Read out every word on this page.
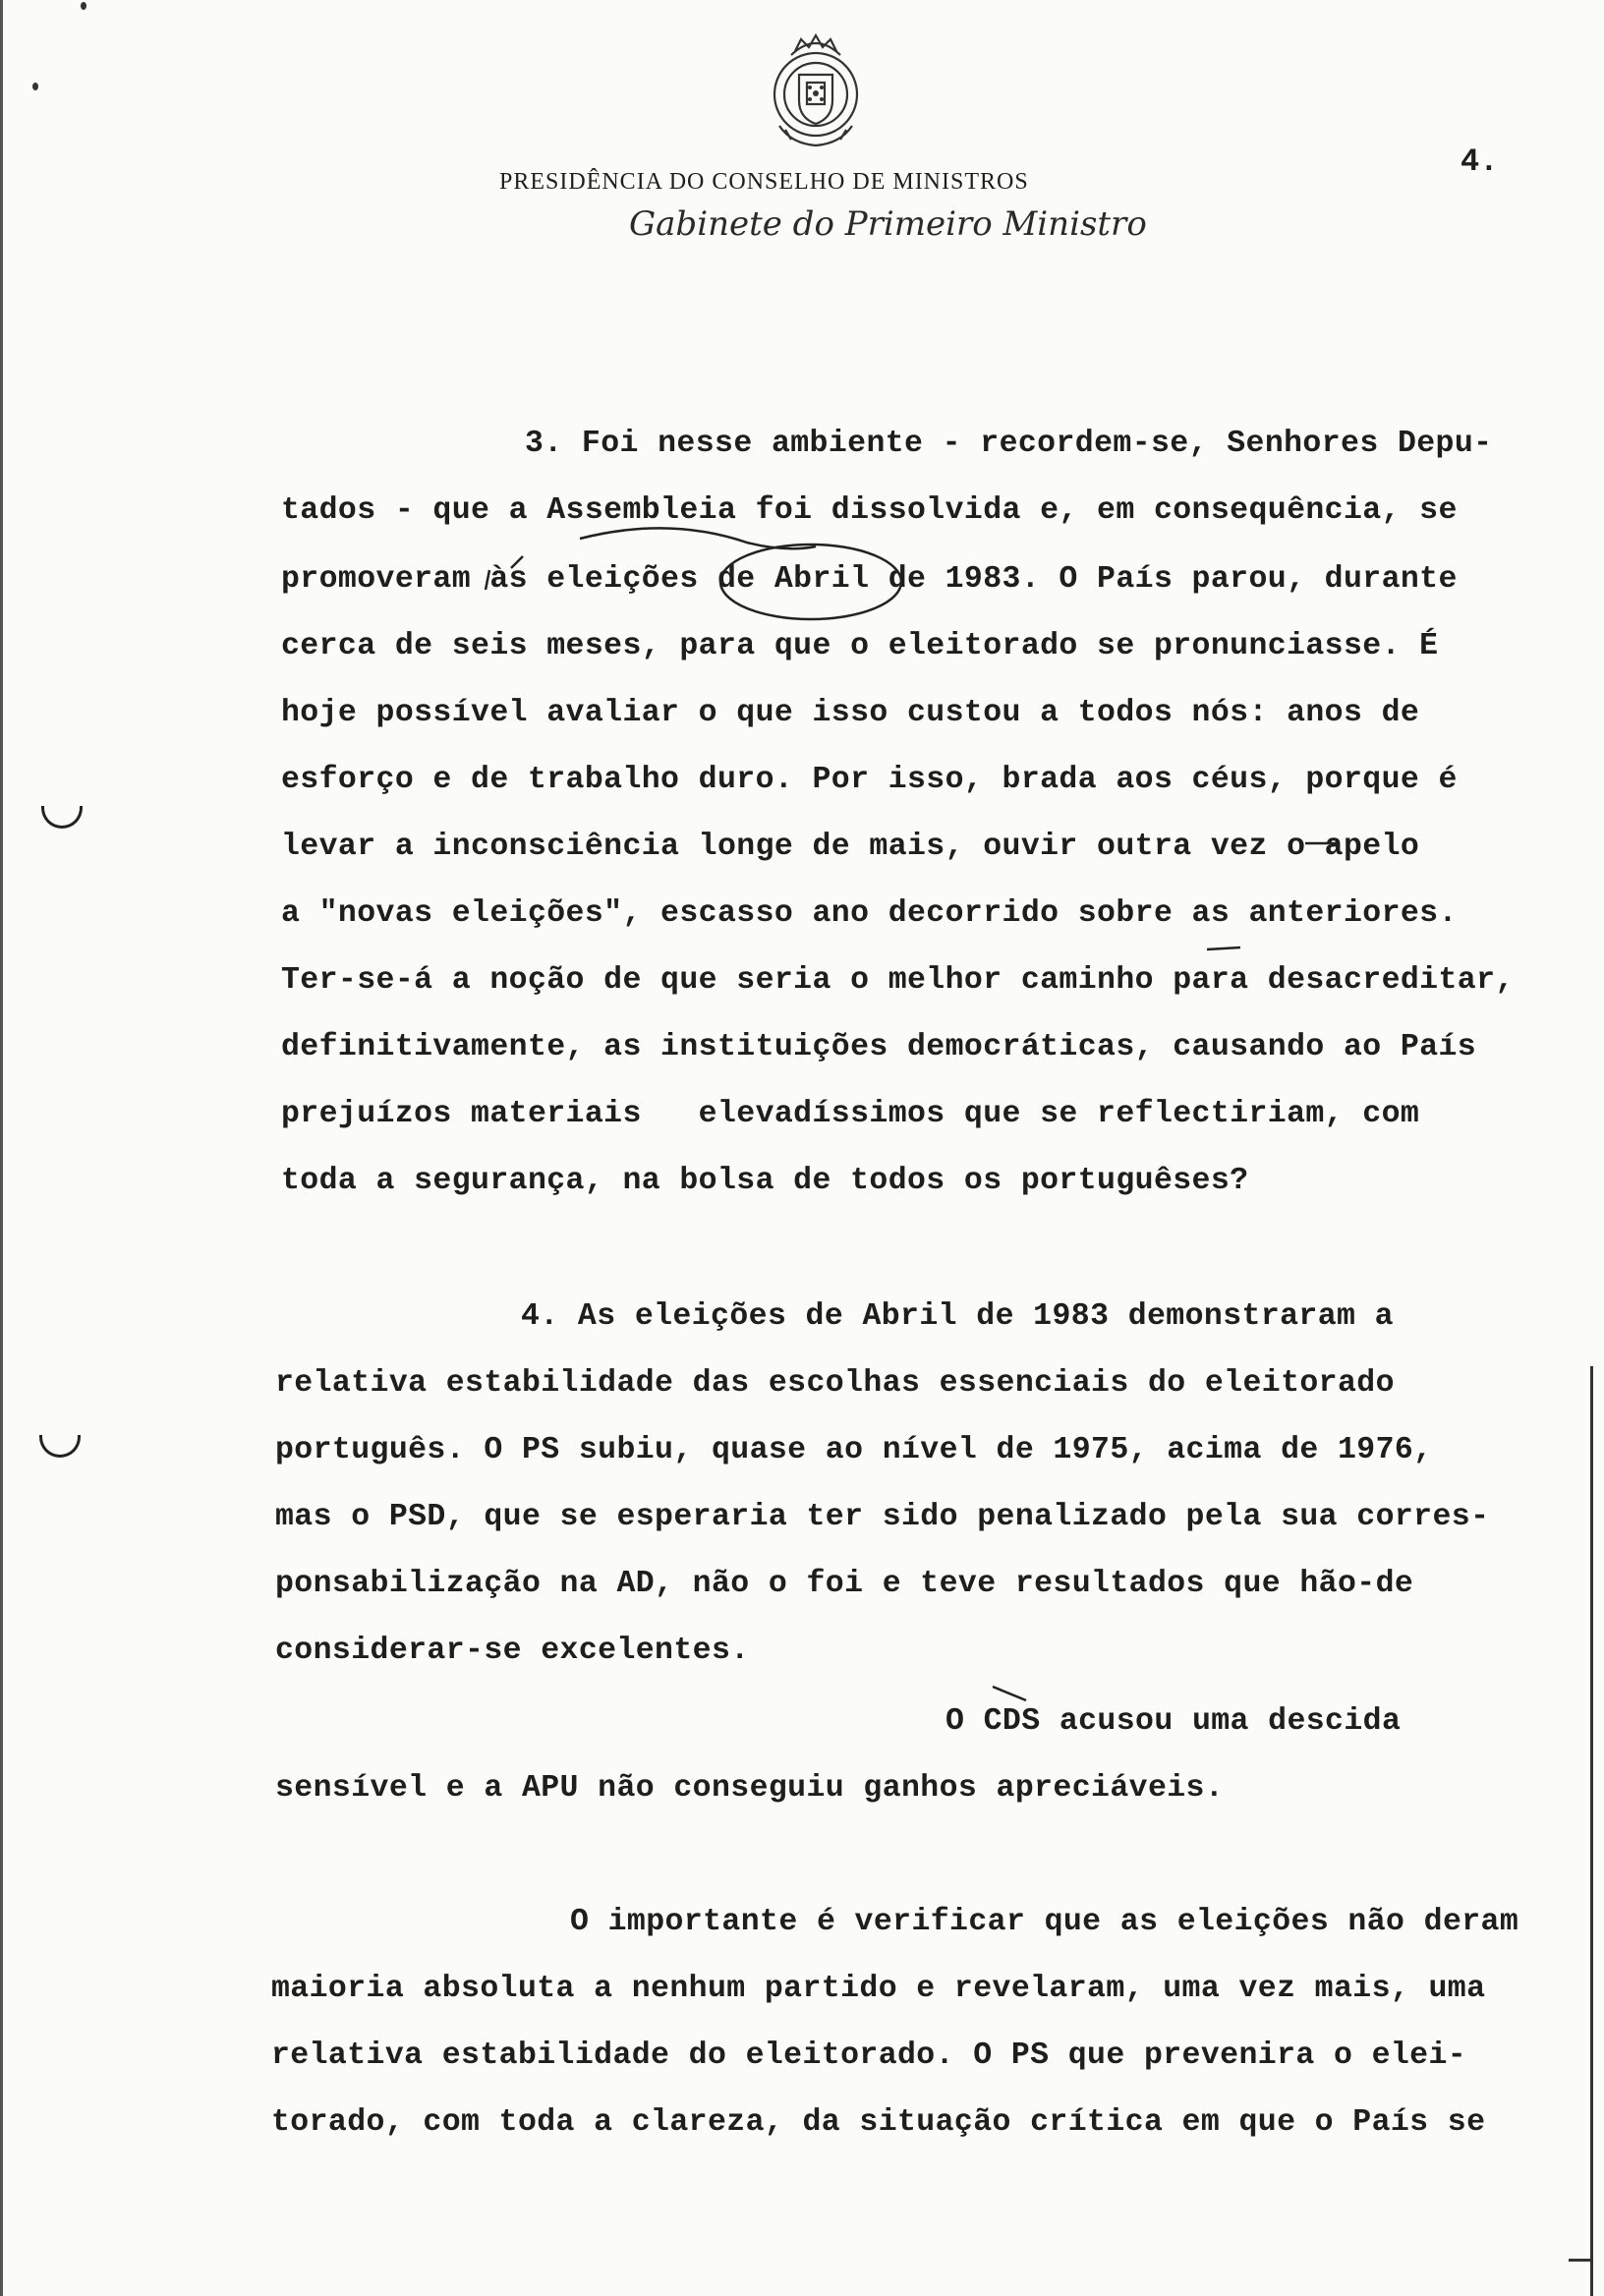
4.
PRESIDÊNCIA DO CONSELHO DE MINISTROS
Gabinete do Primeiro Ministro
3. Foi nesse ambiente - recordem-se, Senhores Depu-
tados - que a Assembleia foi dissolvida e, em consequência, se
promoveram às eleições de Abril de 1983. O País parou, durante
cerca de seis meses, para que o eleitorado se pronunciasse. É
hoje possível avaliar o que isso custou a todos nós: anos de
esforço e de trabalho duro. Por isso, brada aos céus, porque é
levar a inconsciência longe de mais, ouvir outra vez o apelo
a "novas eleições", escasso ano decorrido sobre as anteriores.
Ter-se-á a noção de que seria o melhor caminho para desacreditar,
definitivamente, as instituições democráticas, causando ao País
prejuízos materiais   elevadíssimos que se reflectiriam, com
toda a segurança, na bolsa de todos os portuguêses?
4. As eleições de Abril de 1983 demonstraram a
relativa estabilidade das escolhas essenciais do eleitorado
português. O PS subiu, quase ao nível de 1975, acima de 1976,
mas o PSD, que se esperaria ter sido penalizado pela sua corres-
ponsabilização na AD, não o foi e teve resultados que hão-de
considerar-se excelentes.
O CDS acusou uma descida
sensível e a APU não conseguiu ganhos apreciáveis.
O importante é verificar que as eleições não deram
maioria absoluta a nenhum partido e revelaram, uma vez mais, uma
relativa estabilidade do eleitorado. O PS que prevenira o elei-
torado, com toda a clareza, da situação crítica em que o País se
